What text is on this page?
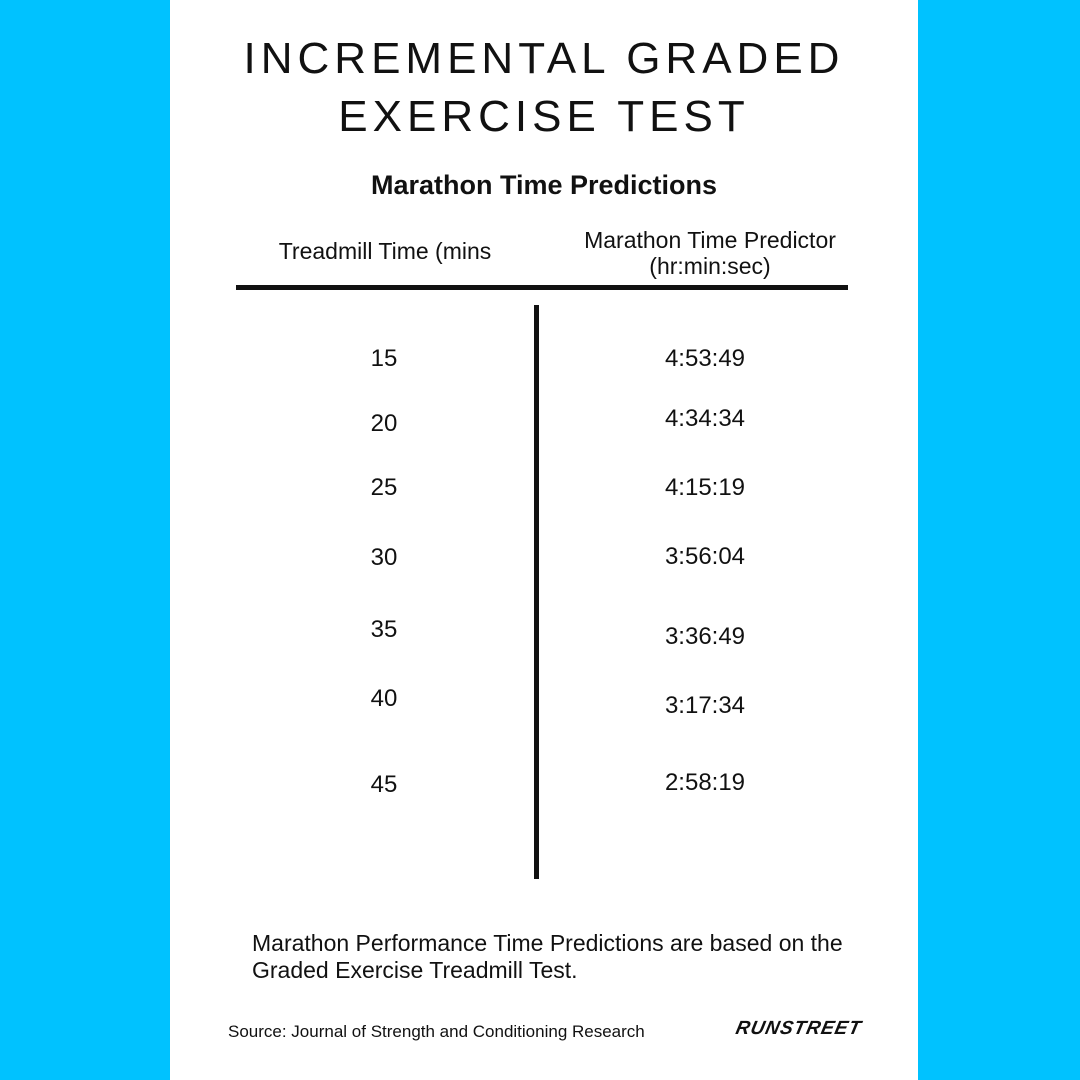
INCREMENTAL GRADED
EXERCISE TEST
Marathon Time Predictions
Treadmill Time (mins	Marathon Time Predictor
(hr:min:sec)
15	4:53:49
20	4:34:34
25	4:15:19
30	3:56:04
35	3:36:49
40	3:17:34
45	2:58:19
Marathon Performance Time Predictions are based on the Graded Exercise Treadmill Test.
Source: Journal of Strength and Conditioning Research	RUNSTREET
